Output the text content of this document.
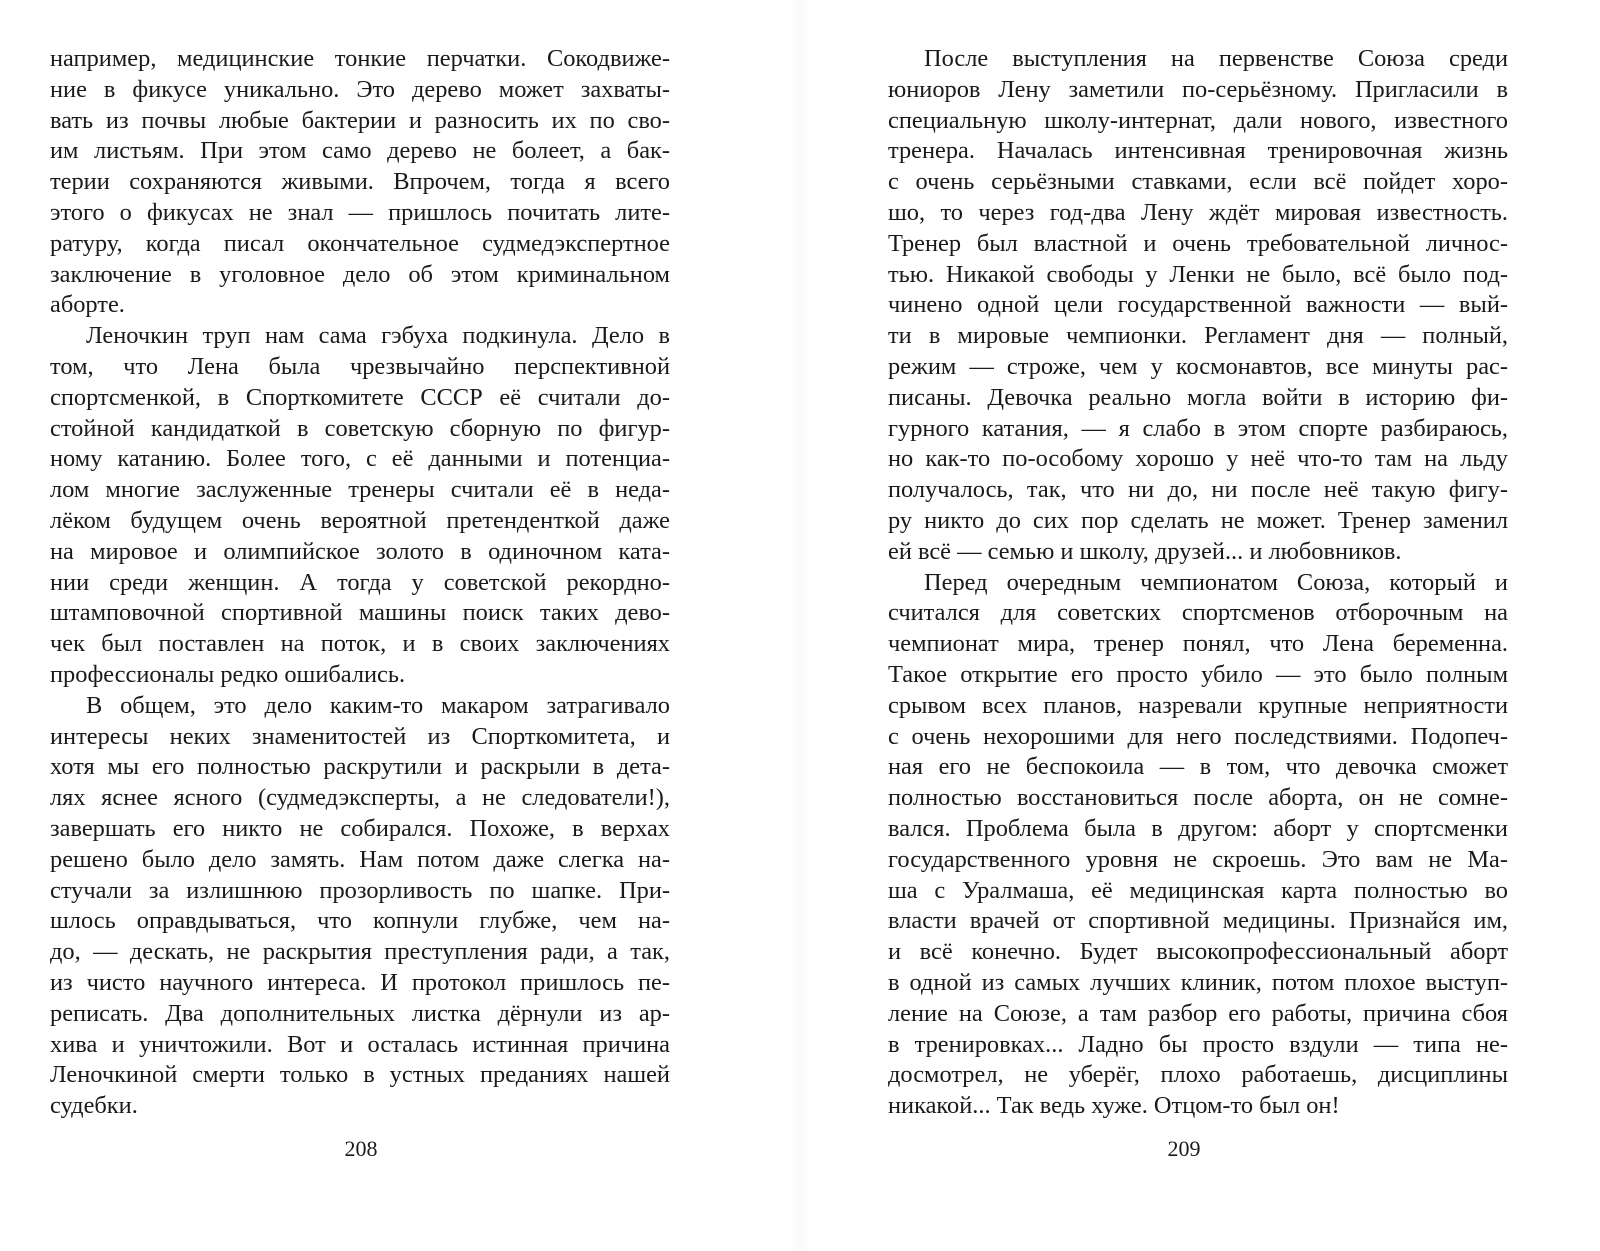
например, медицинские тонкие перчатки. Сокодвиже-
ние в фикусе уникально. Это дерево может захваты-
вать из почвы любые бактерии и разносить их по сво-
им листьям. При этом само дерево не болеет, а бак-
терии сохраняются живыми. Впрочем, тогда я всего
этого о фикусах не знал — пришлось почитать лите-
ратуру, когда писал окончательное судмедэкспертное
заключение в уголовное дело об этом криминальном
аборте.
Леночкин труп нам сама гэбуха подкинула. Дело в
том, что Лена была чрезвычайно перспективной
спортсменкой, в Спорткомитете СССР её считали до-
стойной кандидаткой в советскую сборную по фигур-
ному катанию. Более того, с её данными и потенциа-
лом многие заслуженные тренеры считали её в неда-
лёком будущем очень вероятной претенденткой даже
на мировое и олимпийское золото в одиночном ката-
нии среди женщин. А тогда у советской рекордно-
штамповочной спортивной машины поиск таких дево-
чек был поставлен на поток, и в своих заключениях
профессионалы редко ошибались.
В общем, это дело каким-то макаром затрагивало
интересы неких знаменитостей из Спорткомитета, и
хотя мы его полностью раскрутили и раскрыли в дета-
лях яснее ясного (судмедэксперты, а не следователи!),
завершать его никто не собирался. Похоже, в верхах
решено было дело замять. Нам потом даже слегка на-
стучали за излишнюю прозорливость по шапке. При-
шлось оправдываться, что копнули глубже, чем на-
до, — дескать, не раскрытия преступления ради, а так,
из чисто научного интереса. И протокол пришлось пе-
реписать. Два дополнительных листка дёрнули из ар-
хива и уничтожили. Вот и осталась истинная причина
Леночкиной смерти только в устных преданиях нашей
судебки.
208
После выступления на первенстве Союза среди
юниоров Лену заметили по-серьёзному. Пригласили в
специальную школу-интернат, дали нового, известного
тренера. Началась интенсивная тренировочная жизнь
с очень серьёзными ставками, если всё пойдет хоро-
шо, то через год-два Лену ждёт мировая известность.
Тренер был властной и очень требовательной личнос-
тью. Никакой свободы у Ленки не было, всё было под-
чинено одной цели государственной важности — вый-
ти в мировые чемпионки. Регламент дня — полный,
режим — строже, чем у космонавтов, все минуты рас-
писаны. Девочка реально могла войти в историю фи-
гурного катания, — я слабо в этом спорте разбираюсь,
но как-то по-особому хорошо у неё что-то там на льду
получалось, так, что ни до, ни после неё такую фигу-
ру никто до сих пор сделать не может. Тренер заменил
ей всё — семью и школу, друзей... и любовников.
Перед очередным чемпионатом Союза, который и
считался для советских спортсменов отборочным на
чемпионат мира, тренер понял, что Лена беременна.
Такое открытие его просто убило — это было полным
срывом всех планов, назревали крупные неприятности
с очень нехорошими для него последствиями. Подопеч-
ная его не беспокоила — в том, что девочка сможет
полностью восстановиться после аборта, он не сомне-
вался. Проблема была в другом: аборт у спортсменки
государственного уровня не скроешь. Это вам не Ма-
ша с Уралмаша, её медицинская карта полностью во
власти врачей от спортивной медицины. Признайся им,
и всё конечно. Будет высокопрофессиональный аборт
в одной из самых лучших клиник, потом плохое выступ-
ление на Союзе, а там разбор его работы, причина сбоя
в тренировках... Ладно бы просто вздули — типа не-
досмотрел, не уберёг, плохо работаешь, дисциплины
никакой... Так ведь хуже. Отцом-то был он!
209
